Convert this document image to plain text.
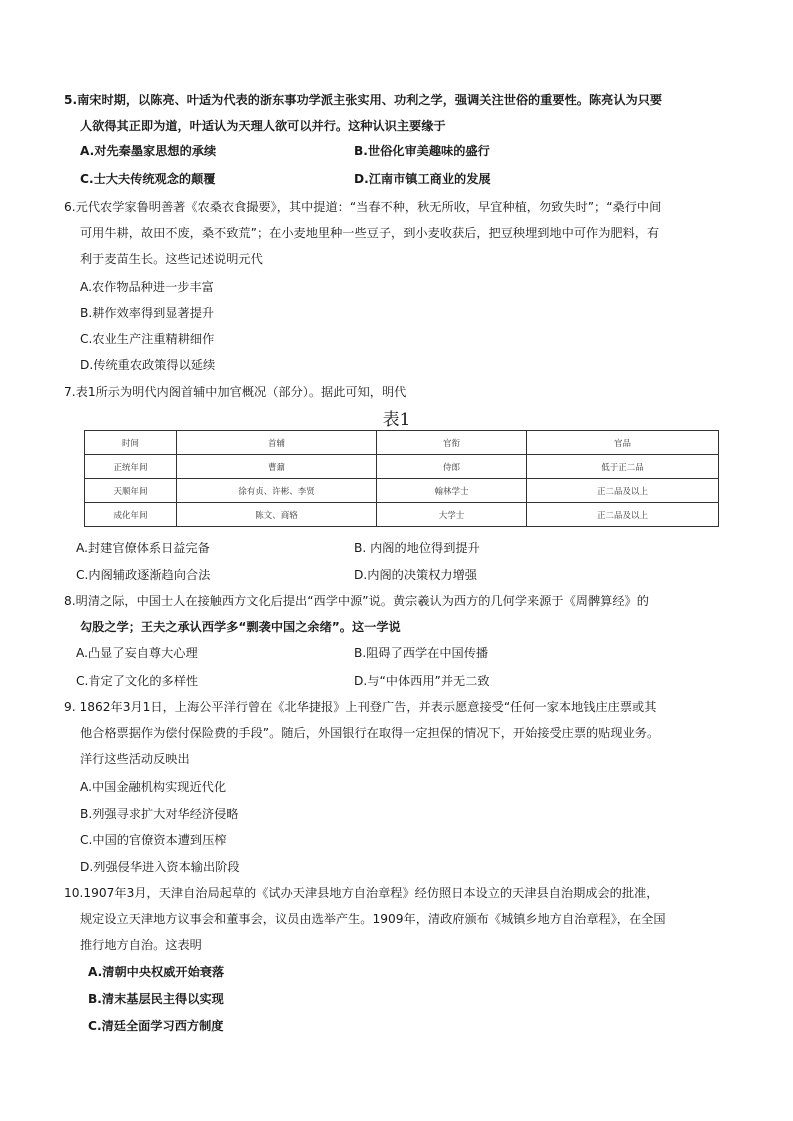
5.南宋时期，以陈亮、叶适为代表的浙东事功学派主张实用、功利之学，强调关注世俗的重要性。陈亮认为只要
人欲得其正即为道，叶适认为天理人欲可以并行。这种认识主要缘于
A.对先秦墨家思想的承续	B.世俗化审美趣味的盛行
C.士大夫传统观念的颠覆	D.江南市镇工商业的发展
6.元代农学家鲁明善著《农桑衣食撮要》，其中提道：“当春不种，秋无所收，早宜种植，勿致失时”；“桑行中间
可用牛耕，故田不废，桑不致荒”；在小麦地里种一些豆子，到小麦收获后，把豆秧埋到地中可作为肥料，有
利于麦苗生长。这些记述说明元代
A.农作物品种进一步丰富
B.耕作效率得到显著提升
C.农业生产注重精耕细作
D.传统重农政策得以延续
7.表1所示为明代内阁首辅中加官概况（部分）。据此可知，明代
表1
时间	首辅	官衔	官品
正统年间	曹鼐	侍郎	低于正二品
天顺年间	徐有贞、许彬、李贤	翰林学士	正二品及以上
成化年间	陈文、商辂	大学士	正二品及以上
A.封建官僚体系日益完备	B. 内阁的地位得到提升
C.内阁辅政逐渐趋向合法	D.内阁的决策权力增强
8.明清之际，中国士人在接触西方文化后提出“西学中源”说。黄宗羲认为西方的几何学来源于《周髀算经》的
勾股之学；王夫之承认西学多“剽袭中国之余绪”。这一学说
A.凸显了妄自尊大心理	B.阻碍了西学在中国传播
C.肯定了文化的多样性	D.与“中体西用”并无二致
9. 1862年3月1日，上海公平洋行曾在《北华捷报》上刊登广告，并表示愿意接受“任何一家本地钱庄庄票或其
他合格票据作为偿付保险费的手段”。随后，外国银行在取得一定担保的情况下，开始接受庄票的贴现业务。
洋行这些活动反映出
A.中国金融机构实现近代化
B.列强寻求扩大对华经济侵略
C.中国的官僚资本遭到压榨
D.列强侵华进入资本输出阶段
10.1907年3月，天津自治局起草的《试办天津县地方自治章程》经仿照日本设立的天津县自治期成会的批准，
规定设立天津地方议事会和董事会，议员由选举产生。1909年，清政府颁布《城镇乡地方自治章程》，在全国
推行地方自治。这表明
A.清朝中央权威开始衰落
B.清末基层民主得以实现
C.清廷全面学习西方制度
